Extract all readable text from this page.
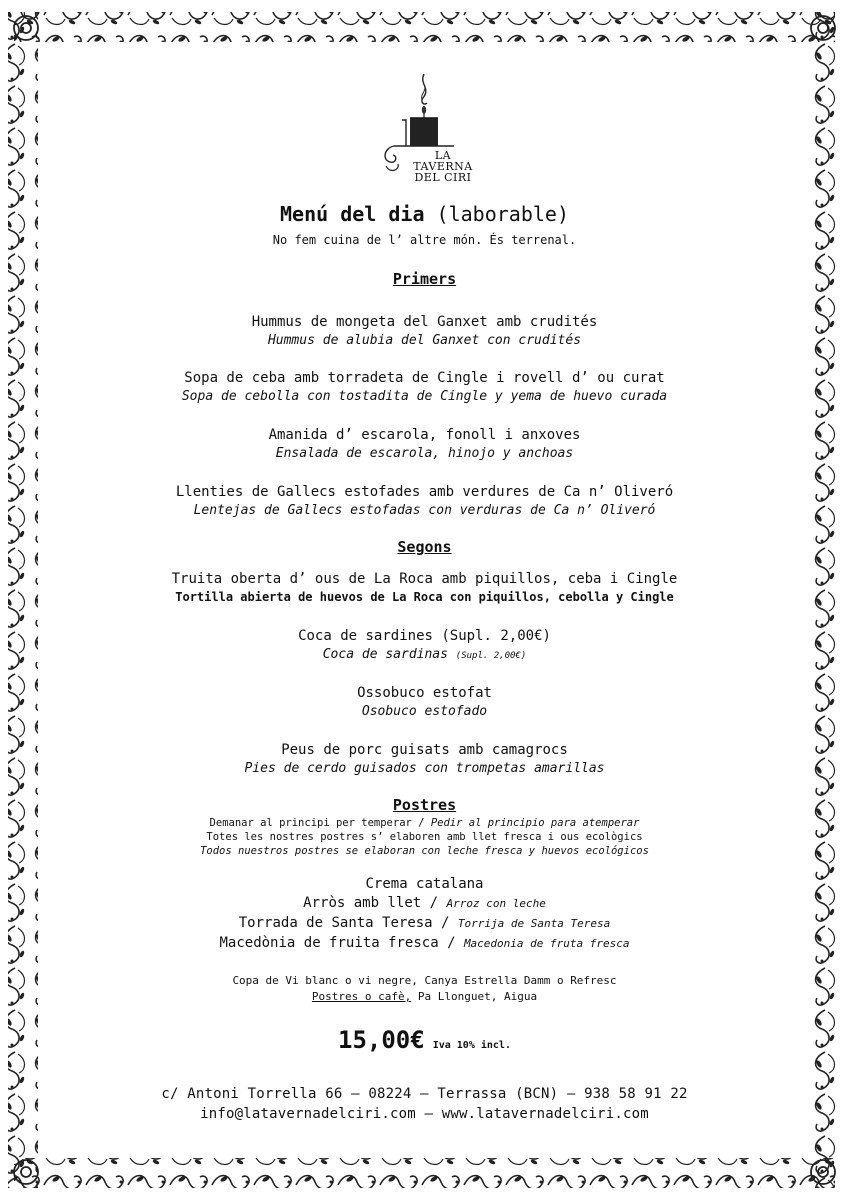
LA
TAVERNA
DEL CIRI
Menú del dia (laborable)
No fem cuina de l’ altre món. És terrenal.
Primers
Hummus de mongeta del Ganxet amb crudités
Hummus de alubia del Ganxet con crudités
Sopa de ceba amb torradeta de Cingle i rovell d’ ou curat
Sopa de cebolla con tostadita de Cingle y yema de huevo curada
Amanida d’ escarola, fonoll i anxoves
Ensalada de escarola, hinojo y anchoas
Llenties de Gallecs estofades amb verdures de Ca n’ Oliveró
Lentejas de Gallecs estofadas con verduras de Ca n’ Oliveró
Segons
Truita oberta d’ ous de La Roca amb piquillos, ceba i Cingle
Tortilla abierta de huevos de La Roca con piquillos, cebolla y Cingle
Coca de sardines (Supl. 2,00€)
Coca de sardinas (Supl. 2,00€)
Ossobuco estofat
Osobuco estofado
Peus de porc guisats amb camagrocs
Pies de cerdo guisados con trompetas amarillas
Postres
Demanar al principi per temperar / Pedir al principio para atemperar
Totes les nostres postres s’ elaboren amb llet fresca i ous ecològics
Todos nuestros postres se elaboran con leche fresca y huevos ecológicos
Crema catalana
Arròs amb llet / Arroz con leche
Torrada de Santa Teresa / Torrija de Santa Teresa
Macedònia de fruita fresca / Macedonia de fruta fresca
Copa de Vi blanc o vi negre, Canya Estrella Damm o Refresc
Postres o cafè, Pa Llonguet, Aigua
15,00€ Iva 10% incl.
c/ Antoni Torrella 66 – 08224 – Terrassa (BCN) – 938 58 91 22
info@latavernadelciri.com – www.latavernadelciri.com
